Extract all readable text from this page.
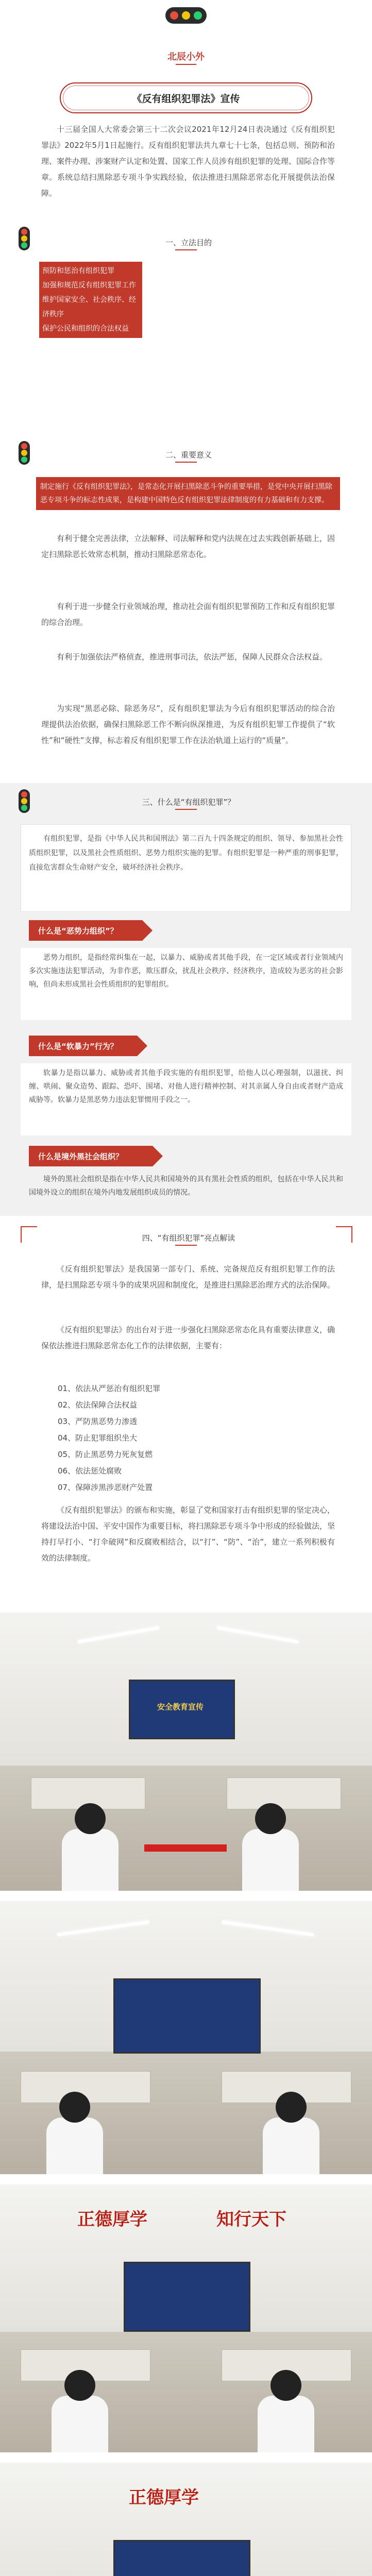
北辰小外
《反有组织犯罪法》宣传

十三届全国人大常委会第三十二次会议2021年12月24日表决通过《反有组织犯罪法》2022年5月1日起施行。反有组织犯罪法共九章七十七条，包括总则、预防和治理、案件办理、涉案财产认定和处置、国家工作人员涉有组织犯罪的处理、国际合作等章。系统总结扫黑除恶专项斗争实践经验，依法推进扫黑除恶常态化开展提供法治保障。

一、立法目的
预防和惩治有组织犯罪
加强和规范反有组织犯罪工作
维护国家安全、社会秩序、经济秩序
保护公民和组织的合法权益
二、重要意义
制定施行《反有组织犯罪法》，是常态化开展扫黑除恶斗争的重要举措，是党中央开展扫黑除恶专项斗争的标志性成果，是构建中国特色反有组织犯罪法律制度的有力基础和有力支撑。

有利于健全完善法律，立法解释、司法解释和党内法规在过去实践创新基础上，固定扫黑除恶长效常态机制，推动扫黑除恶常态化。

有利于进一步健全行业领域治理，推动社会面有组织犯罪预防工作和反有组织犯罪的综合治理。

有利于加强依法严格侦查，推进刑事司法，依法严惩，保障人民群众合法权益。

为实现“黑恶必除、除恶务尽”，反有组织犯罪法为今后有组织犯罪活动的综合治理提供法治依据，确保扫黑除恶工作不断向纵深推进，为反有组织犯罪工作提供了“软性”和“硬性”支撑，标志着反有组织犯罪工作在法治轨道上运行的“质量”。

三、什么是“有组织犯罪”？

有组织犯罪，是指《中华人民共和国刑法》第二百九十四条规定的组织、领导、参加黑社会性质组织犯罪，以及黑社会性质组织、恶势力组织实施的犯罪。有组织犯罪是一种严重的刑事犯罪，直接危害群众生命财产安全，破坏经济社会秩序。

什么是“恶势力组织”？

恶势力组织，是指经常纠集在一起，以暴力、威胁或者其他手段，在一定区域或者行业领域内多次实施违法犯罪活动，为非作恶，欺压群众，扰乱社会秩序、经济秩序，造成较为恶劣的社会影响，但尚未形成黑社会性质组织的犯罪组织。

什么是“软暴力”行为？

软暴力是指以暴力、威胁或者其他手段实施的有组织犯罪，给他人以心理强制，以滋扰、纠缠、哄闹、聚众造势、跟踪、恐吓、围堵、对他人进行精神控制、对其亲属人身自由或者财产造成威胁等。软暴力是黑恶势力违法犯罪惯用手段之一。

什么是境外黑社会组织？

境外的黑社会组织是指在中华人民共和国境外的具有黑社会性质的组织，包括在中华人民共和国境外设立的组织在境外内地发展组织成员的情况。

四、“有组织犯罪”亮点解读

《反有组织犯罪法》是我国第一部专门、系统、完备规范反有组织犯罪工作的法律，是扫黑除恶专项斗争的成果巩固和制度化，是推进扫黑除恶治理方式的法治保障。

《反有组织犯罪法》的出台对于进一步强化扫黑除恶常态化具有重要法律意义，确保依法推进扫黑除恶常态化工作的法律依据，主要有：

01、依法从严惩治有组织犯罪
02、依法保障合法权益
03、严防黑恶势力渗透
04、防止犯罪组织坐大
05、防止黑恶势力死灰复燃
06、依法惩处腐败
07、保障涉黑涉恶财产处置

《反有组织犯罪法》的颁布和实施，彰显了党和国家打击有组织犯罪的坚定决心，将建设法治中国、平安中国作为重要目标，将扫黑除恶专项斗争中形成的经验做法，坚持打早打小、“打伞破网”和反腐败相结合，以“打”、“防”、“治”，建立一系列积极有效的法律制度。

安全教育宣传
正德厚学	知行天下
正德厚学
